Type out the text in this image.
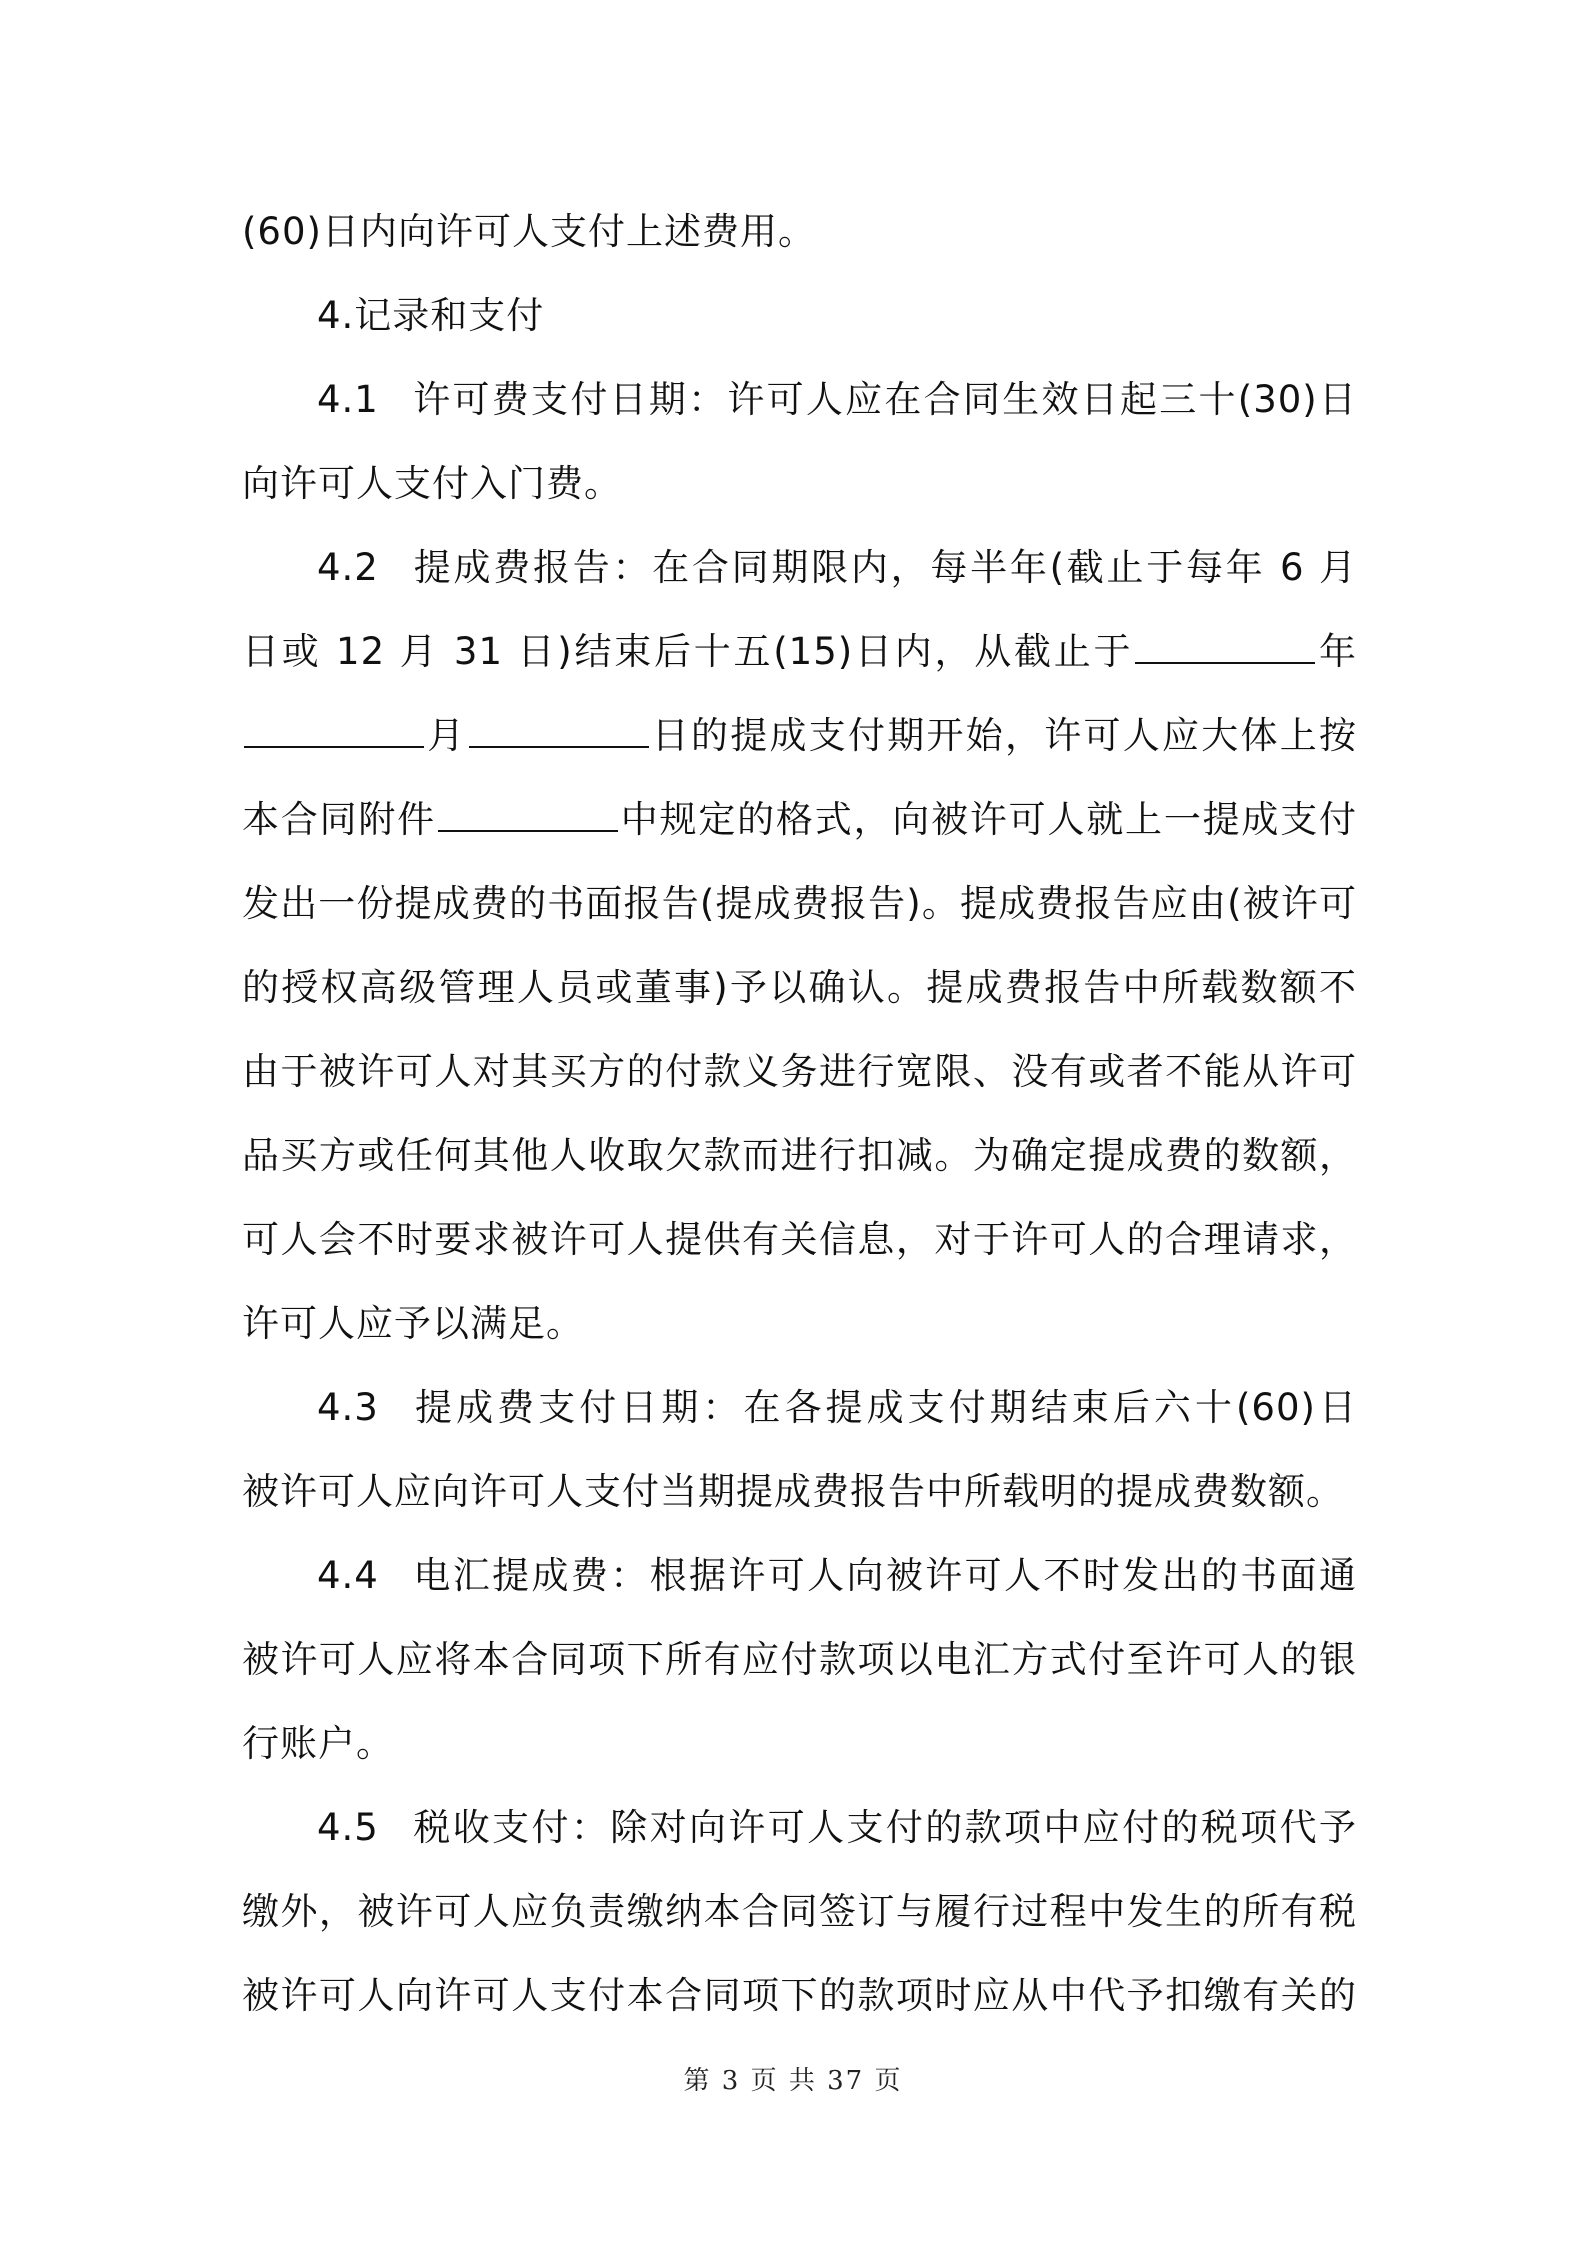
(60)日内向许可人支付上述费用。
4.记录和支付
4.1 许可费支付日期：许可人应在合同生效日起三十(30)日
向许可人支付入门费。
4.2 提成费报告：在合同期限内，每半年(截止于每年 6 月
日或 12 月 31 日)结束后十五(15)日内，从截止于	年
月	日的提成支付期开始，许可人应大体上按
本合同附件	中规定的格式，向被许可人就上一提成支付
发出一份提成费的书面报告(提成费报告)。提成费报告应由(被许可
的授权高级管理人员或董事)予以确认。提成费报告中所载数额不
由于被许可人对其买方的付款义务进行宽限、没有或者不能从许可
品买方或任何其他人收取欠款而进行扣减。为确定提成费的数额，
可人会不时要求被许可人提供有关信息，对于许可人的合理请求，
许可人应予以满足。
4.3 提成费支付日期：在各提成支付期结束后六十(60)日
被许可人应向许可人支付当期提成费报告中所载明的提成费数额。
4.4 电汇提成费：根据许可人向被许可人不时发出的书面通
被许可人应将本合同项下所有应付款项以电汇方式付至许可人的银
行账户。
4.5 税收支付：除对向许可人支付的款项中应付的税项代予
缴外，被许可人应负责缴纳本合同签订与履行过程中发生的所有税
被许可人向许可人支付本合同项下的款项时应从中代予扣缴有关的
第 3 页 共 37 页
